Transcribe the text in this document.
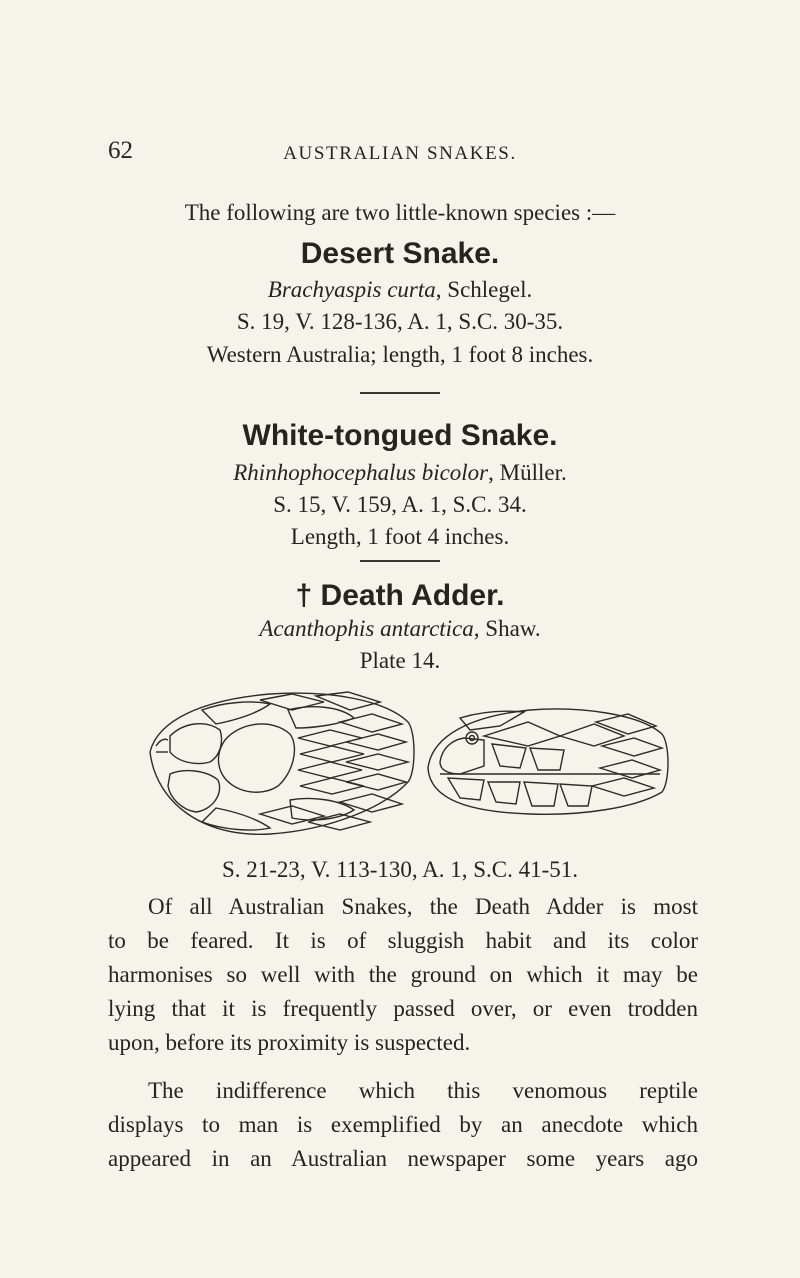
62	AUSTRALIAN SNAKES.
The following are two little-known species :—
Desert Snake.
Brachyaspis curta, Schlegel.
S. 19, V. 128-136, A. 1, S.C. 30-35.
Western Australia; length, 1 foot 8 inches.
White-tongued Snake.
Rhinhophocephalus bicolor, Müller.
S. 15, V. 159, A. 1, S.C. 34.
Length, 1 foot 4 inches.
† Death Adder.
Acanthophis antarctica, Shaw.
Plate 14.
S. 21-23, V. 113-130, A. 1, S.C. 41-51.
Of all Australian Snakes, the Death Adder is most
to be feared. It is of sluggish habit and its color
harmonises so well with the ground on which it may be
lying that it is frequently passed over, or even trodden
upon, before its proximity is suspected.
The indifference which this venomous reptile
displays to man is exemplified by an anecdote which
appeared in an Australian newspaper some years ago
